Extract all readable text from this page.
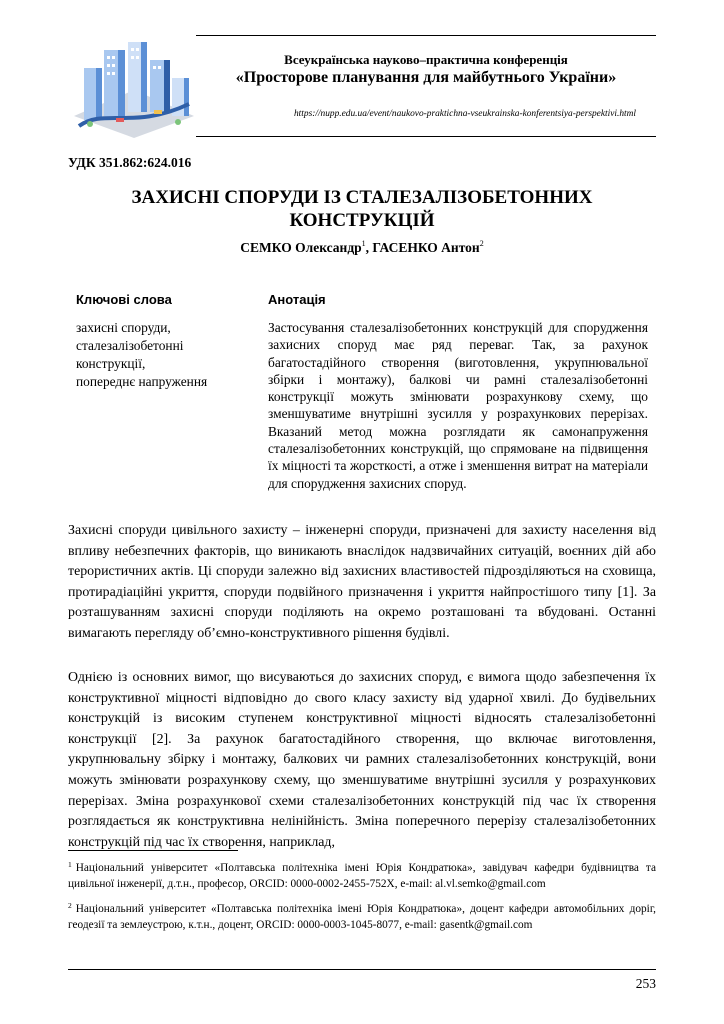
Всеукраїнська науково–практична конференція
«Просторове планування для майбутнього України»
https://nupp.edu.ua/event/naukovo-praktichna-vseukrainska-konferentsiya-perspektivi.html
УДК 351.862:624.016
ЗАХИСНІ СПОРУДИ ІЗ СТАЛЕЗАЛІЗОБЕТОННИХ
КОНСТРУКЦІЙ
СЕМКО Олександр$^1$, ГАСЕНКО Антон$^2$
Ключові слова	Анотація
захисні споруди,
сталезалізобетонні
конструкції,
попереднє напруження
Застосування сталезалізобетонних конструкцій для спорудження захисних споруд має ряд переваг. Так, за рахунок багатостадійного створення (виготовлення, укрупнювальної збірки і монтажу), балкові чи рамні сталезалізобетонні конструкції можуть змінювати розрахункову схему, що зменшуватиме внутрішні зусилля у розрахункових перерізах. Вказаний метод можна розглядати як самонапруження сталезалізобетонних конструкцій, що спрямоване на підвищення їх міцності та жорсткості, а отже і зменшення витрат на матеріали для спорудження захисних споруд.
Захисні споруди цивільного захисту – інженерні споруди, призначені для захисту населення від впливу небезпечних факторів, що виникають внаслідок надзвичайних ситуацій, воєнних дій або терористичних актів. Ці споруди залежно від захисних властивостей підрозділяються на сховища, протирадіаційні укриття, споруди подвійного призначення і укриття найпростішого типу [1]. За розташуванням захисні споруди поділяють на окремо розташовані та вбудовані. Останні вимагають перегляду об’ємно-конструктивного рішення будівлі.
Однією із основних вимог, що висуваються до захисних споруд, є вимога щодо забезпечення їх конструктивної міцності відповідно до свого класу захисту від ударної хвилі. До будівельних конструкцій із високим ступенем конструктивної міцності відносять сталезалізобетонні конструкції [2]. За рахунок багатостадійного створення, що включає виготовлення, укрупнювальну збірку і монтажу, балкових чи рамних сталезалізобетонних конструкцій, вони можуть змінювати розрахункову схему, що зменшуватиме внутрішні зусилля у розрахункових перерізах. Зміна розрахункової схеми сталезалізобетонних конструкцій під час їх створення розглядається як конструктивна нелінійність. Зміна поперечного перерізу сталезалізобетонних конструкцій під час їх створення, наприклад,
$^1$ Національний університет «Полтавська політехніка імені Юрія Кондратюка», завідувач кафедри будівництва та цивільної інженерії, д.т.н., професор, ORCID: 0000-0002-2455-752X, e-mail: al.vl.semko@gmail.com
$^2$ Національний університет «Полтавська політехніка імені Юрія Кондратюка», доцент кафедри автомобільних доріг, геодезії та землеустрою, к.т.н., доцент, ORCID: 0000-0003-1045-8077, e-mail: gasentk@gmail.com
253
